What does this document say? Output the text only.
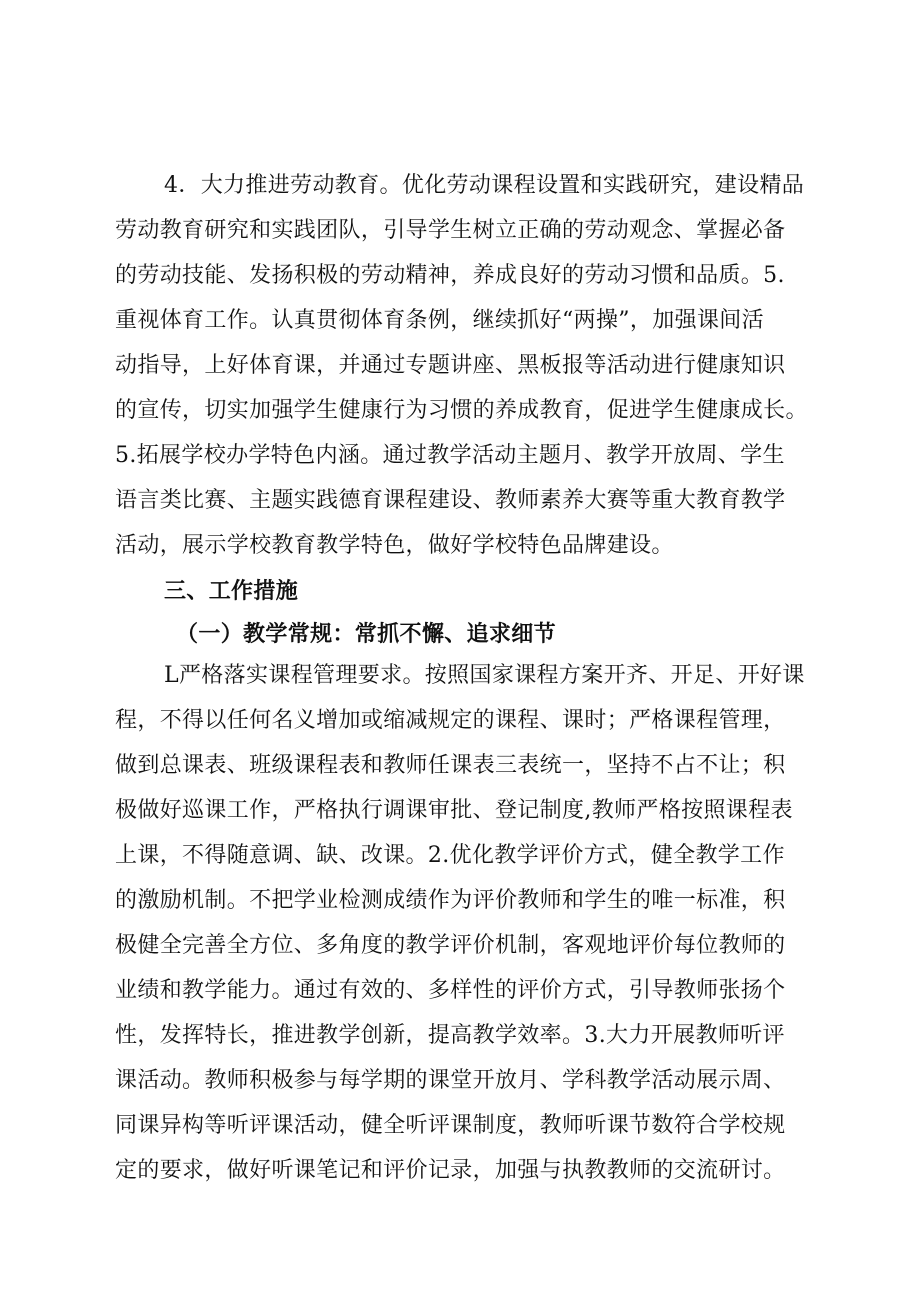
4．大力推进劳动教育。优化劳动课程设置和实践研究，建设精品
劳动教育研究和实践团队，引导学生树立正确的劳动观念、掌握必备
的劳动技能、发扬积极的劳动精神，养成良好的劳动习惯和品质。5.
重视体育工作。认真贯彻体育条例，继续抓好“两操”，加强课间活
动指导，上好体育课，并通过专题讲座、黑板报等活动进行健康知识
的宣传，切实加强学生健康行为习惯的养成教育，促进学生健康成长。
5.拓展学校办学特色内涵。通过教学活动主题月、教学开放周、学生
语言类比赛、主题实践德育课程建设、教师素养大赛等重大教育教学
活动，展示学校教育教学特色，做好学校特色品牌建设。
三、工作措施
（一）教学常规：常抓不懈、追求细节
L严格落实课程管理要求。按照国家课程方案开齐、开足、开好课
程，不得以任何名义增加或缩减规定的课程、课时；严格课程管理，
做到总课表、班级课程表和教师任课表三表统一，坚持不占不让；积
极做好巡课工作，严格执行调课审批、登记制度,教师严格按照课程表
上课，不得随意调、缺、改课。2.优化教学评价方式，健全教学工作
的激励机制。不把学业检测成绩作为评价教师和学生的唯一标准，积
极健全完善全方位、多角度的教学评价机制，客观地评价每位教师的
业绩和教学能力。通过有效的、多样性的评价方式，引导教师张扬个
性，发挥特长，推进教学创新，提高教学效率。3.大力开展教师听评
课活动。教师积极参与每学期的课堂开放月、学科教学活动展示周、
同课异构等听评课活动，健全听评课制度，教师听课节数符合学校规
定的要求，做好听课笔记和评价记录，加强与执教教师的交流研讨。
